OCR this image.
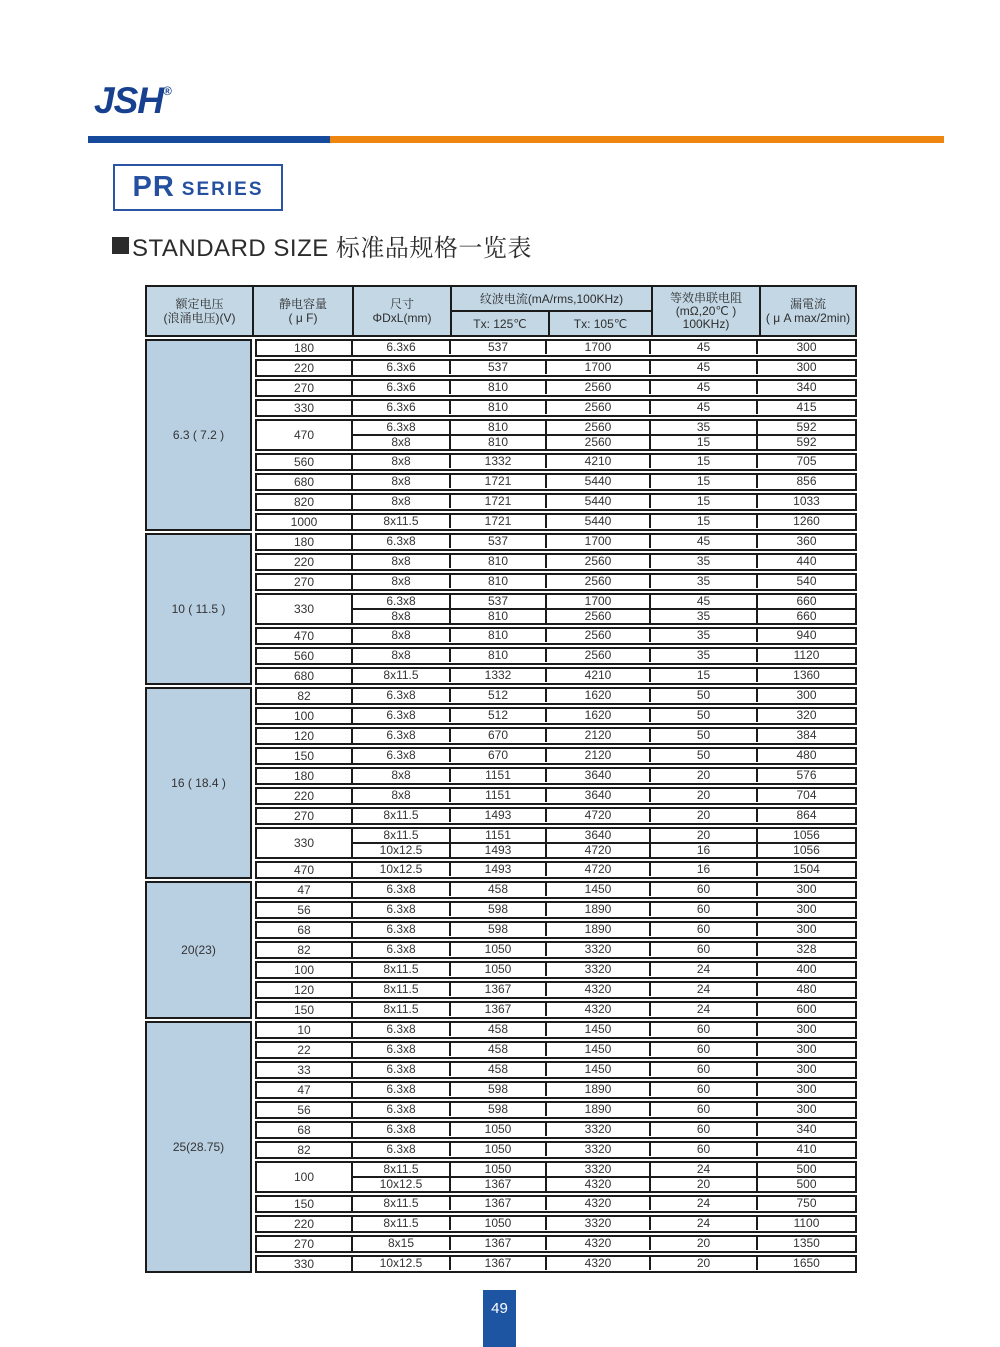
JSH®
PR SERIES
STANDARD SIZE 标准品规格一览表
额定电压
(浪涌电压)(V)
静电容量
( μ F)
尺寸
ΦDxL(mm)
纹波电流(mA/rms,100KHz)
Tx: 125℃	Tx: 105℃
等效串联电阻
(mΩ,20℃ )
100KHz)
漏電流
( μ A max/2min)
6.3 ( 7.2 )
180	6.3x6	537	1700	45	300
220	6.3x6	537	1700	45	300
270	6.3x6	810	2560	45	340
330	6.3x6	810	2560	45	415
470
6.3x8	810	2560	35	592
8x8	810	2560	15	592
560	8x8	1332	4210	15	705
680	8x8	1721	5440	15	856
820	8x8	1721	5440	15	1033
1000	8x11.5	1721	5440	15	1260
10 ( 11.5 )
180	6.3x8	537	1700	45	360
220	8x8	810	2560	35	440
270	8x8	810	2560	35	540
330
6.3x8	537	1700	45	660
8x8	810	2560	35	660
470	8x8	810	2560	35	940
560	8x8	810	2560	35	1120
680	8x11.5	1332	4210	15	1360
16 ( 18.4 )
82	6.3x8	512	1620	50	300
100	6.3x8	512	1620	50	320
120	6.3x8	670	2120	50	384
150	6.3x8	670	2120	50	480
180	8x8	1151	3640	20	576
220	8x8	1151	3640	20	704
270	8x11.5	1493	4720	20	864
330
8x11.5	1151	3640	20	1056
10x12.5	1493	4720	16	1056
470	10x12.5	1493	4720	16	1504
20(23)
47	6.3x8	458	1450	60	300
56	6.3x8	598	1890	60	300
68	6.3x8	598	1890	60	300
82	6.3x8	1050	3320	60	328
100	8x11.5	1050	3320	24	400
120	8x11.5	1367	4320	24	480
150	8x11.5	1367	4320	24	600
25(28.75)
10	6.3x8	458	1450	60	300
22	6.3x8	458	1450	60	300
33	6.3x8	458	1450	60	300
47	6.3x8	598	1890	60	300
56	6.3x8	598	1890	60	300
68	6.3x8	1050	3320	60	340
82	6.3x8	1050	3320	60	410
100
8x11.5	1050	3320	24	500
10x12.5	1367	4320	20	500
150	8x11.5	1367	4320	24	750
220	8x11.5	1050	3320	24	1100
270	8x15	1367	4320	20	1350
330	10x12.5	1367	4320	20	1650
49
